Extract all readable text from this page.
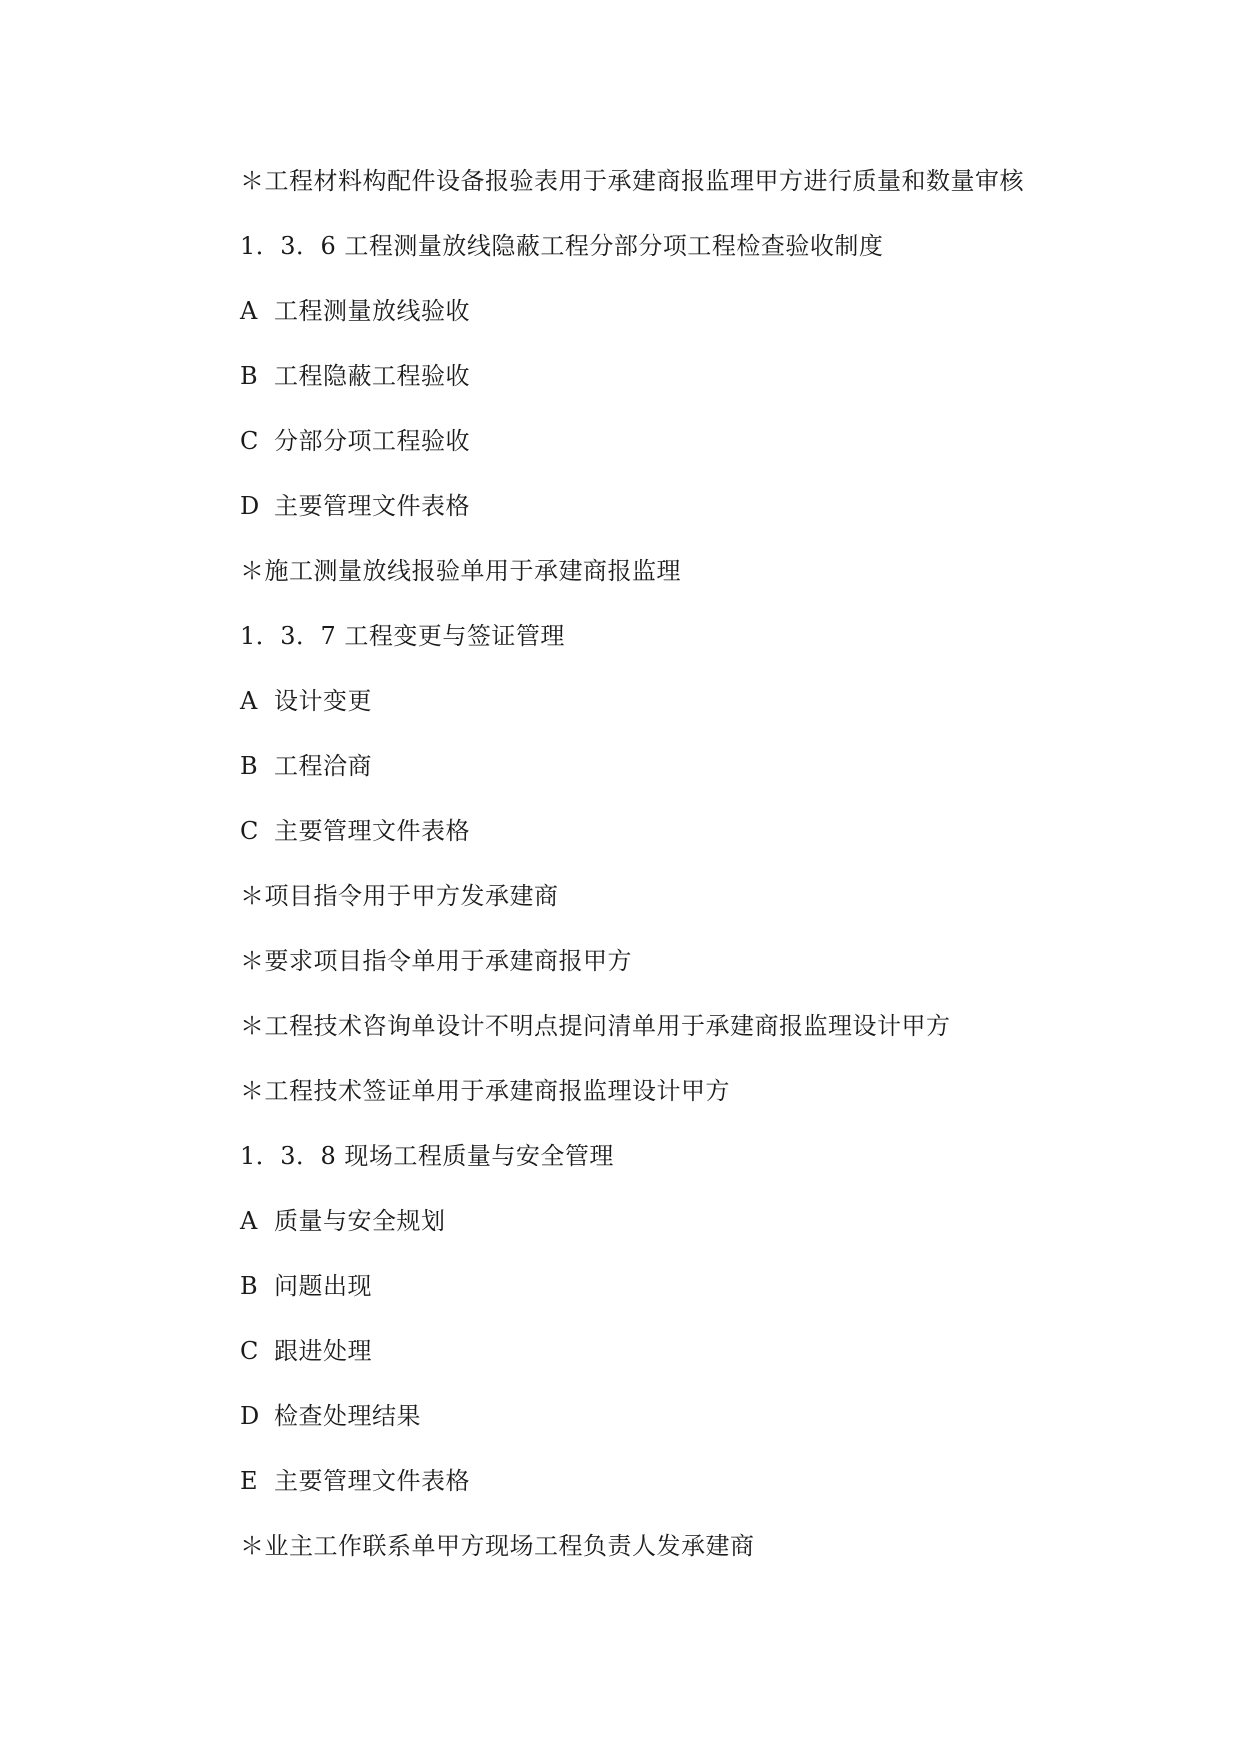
＊工程材料构配件设备报验表用于承建商报监理甲方进行质量和数量审核
1．3．6 工程测量放线隐蔽工程分部分项工程检查验收制度
A 工程测量放线验收
B 工程隐蔽工程验收
C 分部分项工程验收
D 主要管理文件表格
＊施工测量放线报验单用于承建商报监理
1．3．7 工程变更与签证管理
A 设计变更
B 工程洽商
C 主要管理文件表格
＊项目指令用于甲方发承建商
＊要求项目指令单用于承建商报甲方
＊工程技术咨询单设计不明点提问清单用于承建商报监理设计甲方
＊工程技术签证单用于承建商报监理设计甲方
1．3．8 现场工程质量与安全管理
A 质量与安全规划
B 问题出现
C 跟进处理
D 检查处理结果
E 主要管理文件表格
＊业主工作联系单甲方现场工程负责人发承建商
